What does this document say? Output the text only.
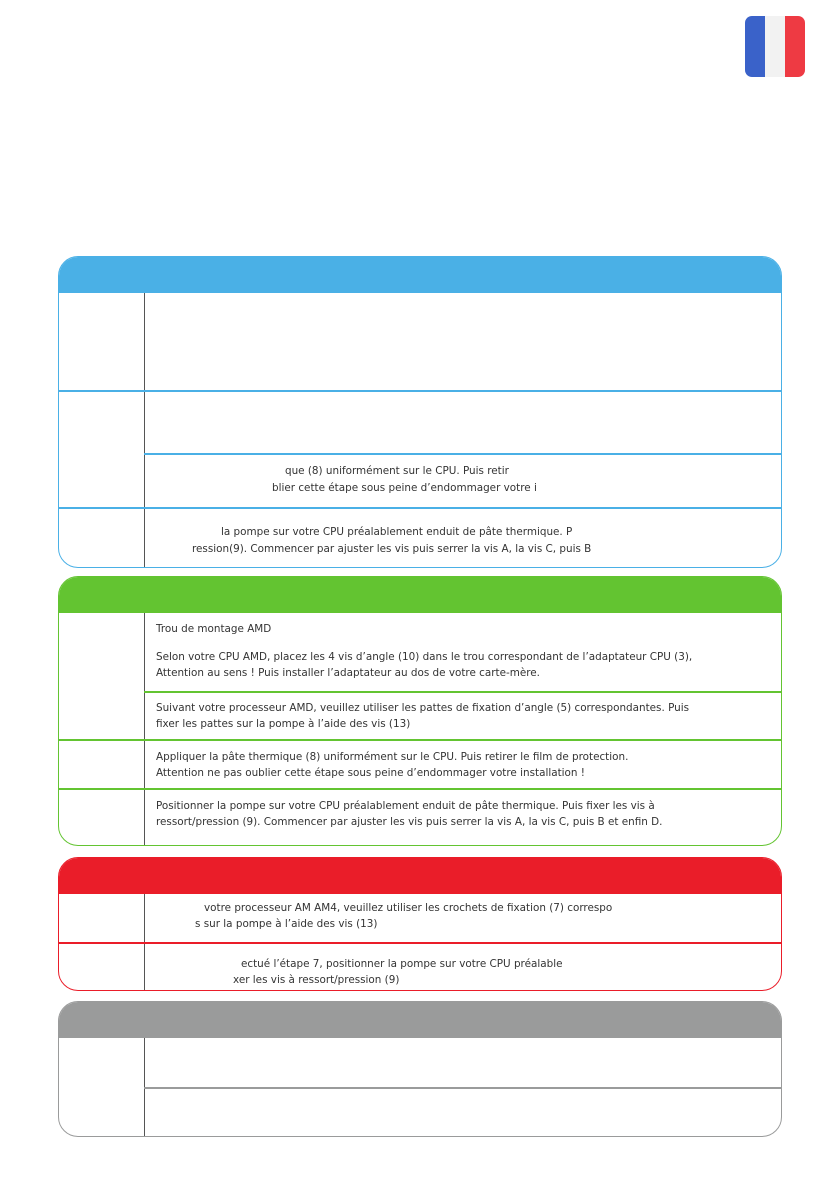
que (8) uniformément sur le CPU. Puis retir

blier cette étape sous peine d’endommager votre i

la pompe sur votre CPU préalablement enduit de pâte thermique. P

ression(9). Commencer par ajuster les vis puis serrer la vis A, la vis C, puis B

Trou de montage AMD

Selon votre CPU AMD, placez les 4 vis d’angle (10) dans le trou correspondant de l’adaptateur CPU (3),

Attention au sens ! Puis installer l’adaptateur au dos de votre carte-mère.

Suivant votre processeur AMD, veuillez utiliser les pattes de fixation d’angle (5) correspondantes. Puis

fixer les pattes sur la pompe à l’aide des vis (13)

Appliquer la pâte thermique (8) uniformément sur le CPU. Puis retirer le film de protection.

Attention ne pas oublier cette étape sous peine d’endommager votre installation !

Positionner la pompe sur votre CPU préalablement enduit de pâte thermique. Puis fixer les vis à

ressort/pression (9). Commencer par ajuster les vis puis serrer la vis A, la vis C, puis B et enfin D.

votre processeur AM AM4, veuillez utiliser les crochets de fixation (7) correspo

s sur la pompe à l’aide des vis (13)

ectué l’étape 7, positionner la pompe sur votre CPU préalable

xer les vis à ressort/pression (9)
